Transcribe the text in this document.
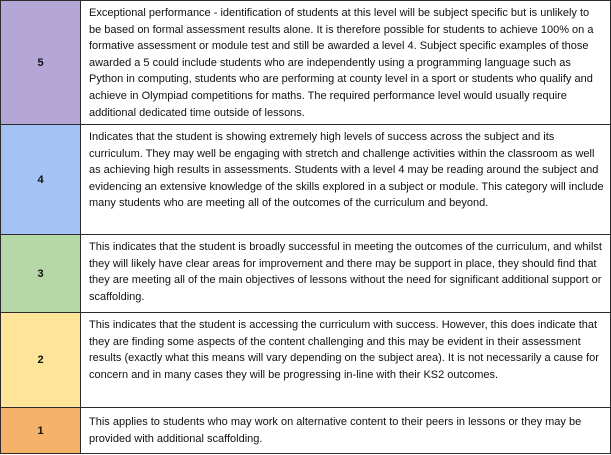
5
Exceptional performance - identification of students at this level will be subject specific but is unlikely to be based on formal assessment results alone. It is therefore possible for students to achieve 100% on a formative assessment or module test and still be awarded a level 4. Subject specific examples of those awarded a 5 could include students who are independently using a programming language such as Python in computing, students who are performing at county level in a sport or students who qualify and achieve in Olympiad competitions for maths. The required performance level would usually require additional dedicated time outside of lessons.
4
Indicates that the student is showing extremely high levels of success across the subject and its curriculum. They may well be engaging with stretch and challenge activities within the classroom as well as achieving high results in assessments. Students with a level 4 may be reading around the subject and evidencing an extensive knowledge of the skills explored in a subject or module. This category will include many students who are meeting all of the outcomes of the curriculum and beyond.
3
This indicates that the student is broadly successful in meeting the outcomes of the curriculum, and whilst they will likely have clear areas for improvement and there may be support in place, they should find that they are meeting all of the main objectives of lessons without the need for significant additional support or scaffolding.
2
This indicates that the student is accessing the curriculum with success. However, this does indicate that they are finding some aspects of the content challenging and this may be evident in their assessment results (exactly what this means will vary depending on the subject area). It is not necessarily a cause for concern and in many cases they will be progressing in-line with their KS2 outcomes.
1
This applies to students who may work on alternative content to their peers in lessons or they may be provided with additional scaffolding.
